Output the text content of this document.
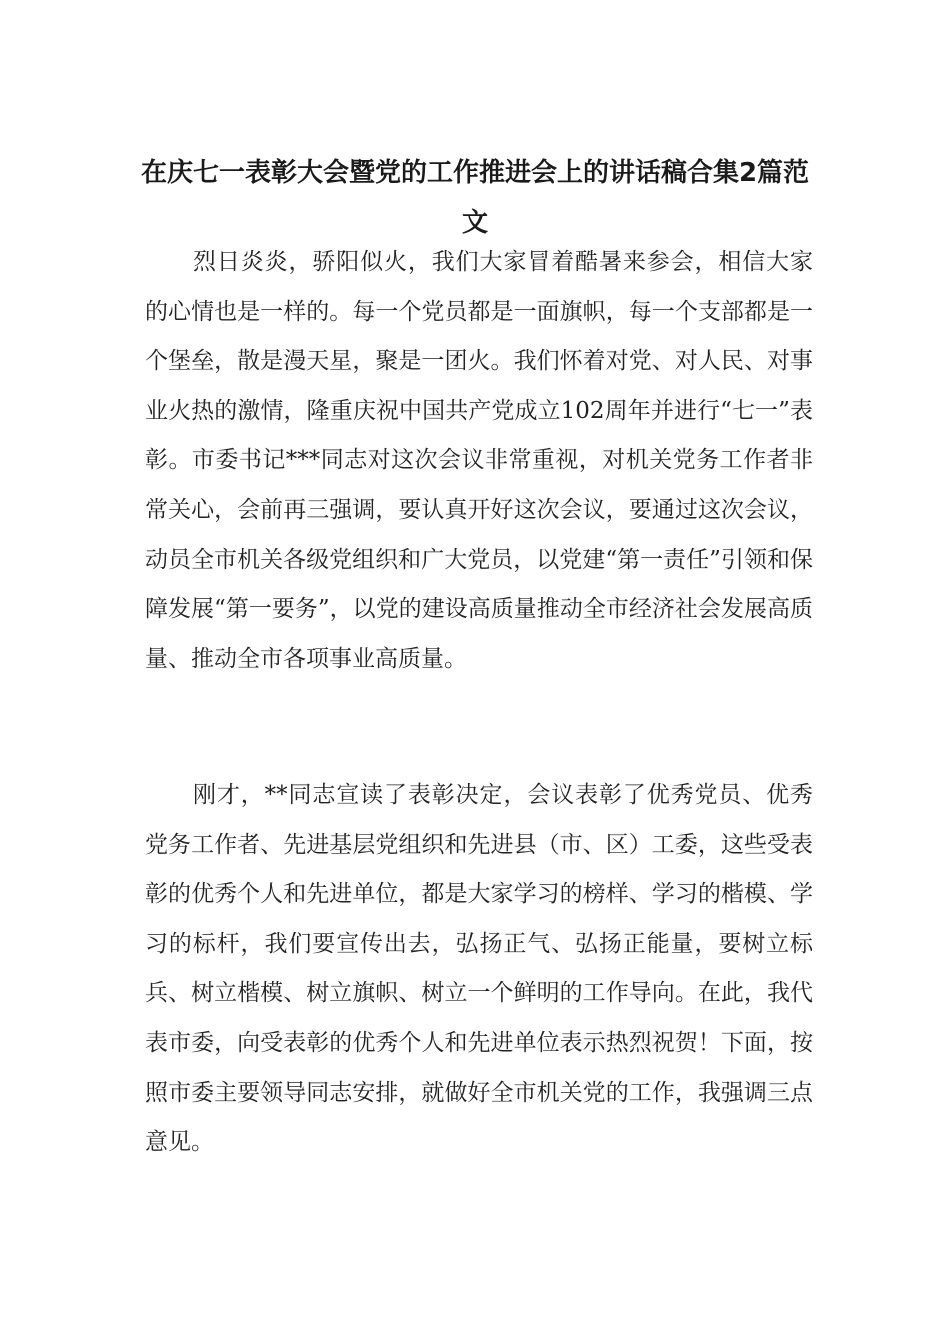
在庆七一表彰大会暨党的工作推进会上的讲话稿合集2篇范文

烈日炎炎，骄阳似火，我们大家冒着酷暑来参会，相信大家的心情也是一样的。每一个党员都是一面旗帜，每一个支部都是一个堡垒，散是漫天星，聚是一团火。我们怀着对党、对人民、对事业火热的激情，隆重庆祝中国共产党成立102周年并进行“七一”表彰。市委书记***同志对这次会议非常重视，对机关党务工作者非常关心，会前再三强调，要认真开好这次会议，要通过这次会议，动员全市机关各级党组织和广大党员，以党建“第一责任”引领和保障发展“第一要务”，以党的建设高质量推动全市经济社会发展高质量、推动全市各项事业高质量。

刚才，**同志宣读了表彰决定，会议表彰了优秀党员、优秀党务工作者、先进基层党组织和先进县（市、区）工委，这些受表彰的优秀个人和先进单位，都是大家学习的榜样、学习的楷模、学习的标杆，我们要宣传出去，弘扬正气、弘扬正能量，要树立标兵、树立楷模、树立旗帜、树立一个鲜明的工作导向。在此，我代表市委，向受表彰的优秀个人和先进单位表示热烈祝贺！下面，按照市委主要领导同志安排，就做好全市机关党的工作，我强调三点意见。
